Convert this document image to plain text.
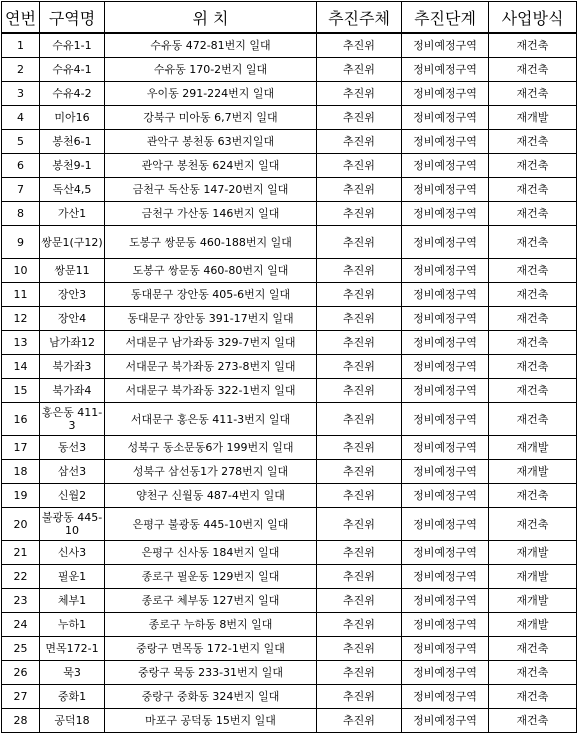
연번	구역명	위 치	추진주체	추진단계	사업방식
1	수유1-1	수유동 472-81번지 일대	추진위	정비예정구역	재건축
2	수유4-1	수유동 170-2번지 일대	추진위	정비예정구역	재건축
3	수유4-2	우이동 291-224번지 일대	추진위	정비예정구역	재건축
4	미아16	강북구 미아동 6,7번지 일대	추진위	정비예정구역	재개발
5	봉천6-1	관악구 봉천동 63번지일대	추진위	정비예정구역	재건축
6	봉천9-1	관악구 봉천동 624번지 일대	추진위	정비예정구역	재건축
7	독산4,5	금천구 독산동 147-20번지 일대	추진위	정비예정구역	재건축
8	가산1	금천구 가산동 146번지 일대	추진위	정비예정구역	재건축
9	쌍문1(구12)	도봉구 쌍문동 460-188번지 일대	추진위	정비예정구역	재건축
10	쌍문11	도봉구 쌍문동 460-80번지 일대	추진위	정비예정구역	재건축
11	장안3	동대문구 장안동 405-6번지 일대	추진위	정비예정구역	재건축
12	장안4	동대문구 장안동 391-17번지 일대	추진위	정비예정구역	재건축
13	남가좌12	서대문구 남가좌동 329-7번지 일대	추진위	정비예정구역	재건축
14	북가좌3	서대문구 북가좌동 273-8번지 일대	추진위	정비예정구역	재건축
15	북가좌4	서대문구 북가좌동 322-1번지 일대	추진위	정비예정구역	재건축
16	홍은동 411-3	서대문구 홍은동 411-3번지 일대	추진위	정비예정구역	재건축
17	동선3	성북구 동소문동6가 199번지 일대	추진위	정비예정구역	재개발
18	삼선3	성북구 삼선동1가 278번지 일대	추진위	정비예정구역	재개발
19	신월2	양천구 신월동 487-4번지 일대	추진위	정비예정구역	재건축
20	불광동 445-10	은평구 불광동 445-10번지 일대	추진위	정비예정구역	재건축
21	신사3	은평구 신사동 184번지 일대	추진위	정비예정구역	재개발
22	필운1	종로구 필운동 129번지 일대	추진위	정비예정구역	재개발
23	체부1	종로구 체부동 127번지 일대	추진위	정비예정구역	재개발
24	누하1	종로구 누하동 8번지 일대	추진위	정비예정구역	재개발
25	면목172-1	중랑구 면목동 172-1번지 일대	추진위	정비예정구역	재건축
26	묵3	중랑구 묵동 233-31번지 일대	추진위	정비예정구역	재건축
27	중화1	중랑구 중화동 324번지 일대	추진위	정비예정구역	재건축
28	공덕18	마포구 공덕동 15번지 일대	추진위	정비예정구역	재건축
